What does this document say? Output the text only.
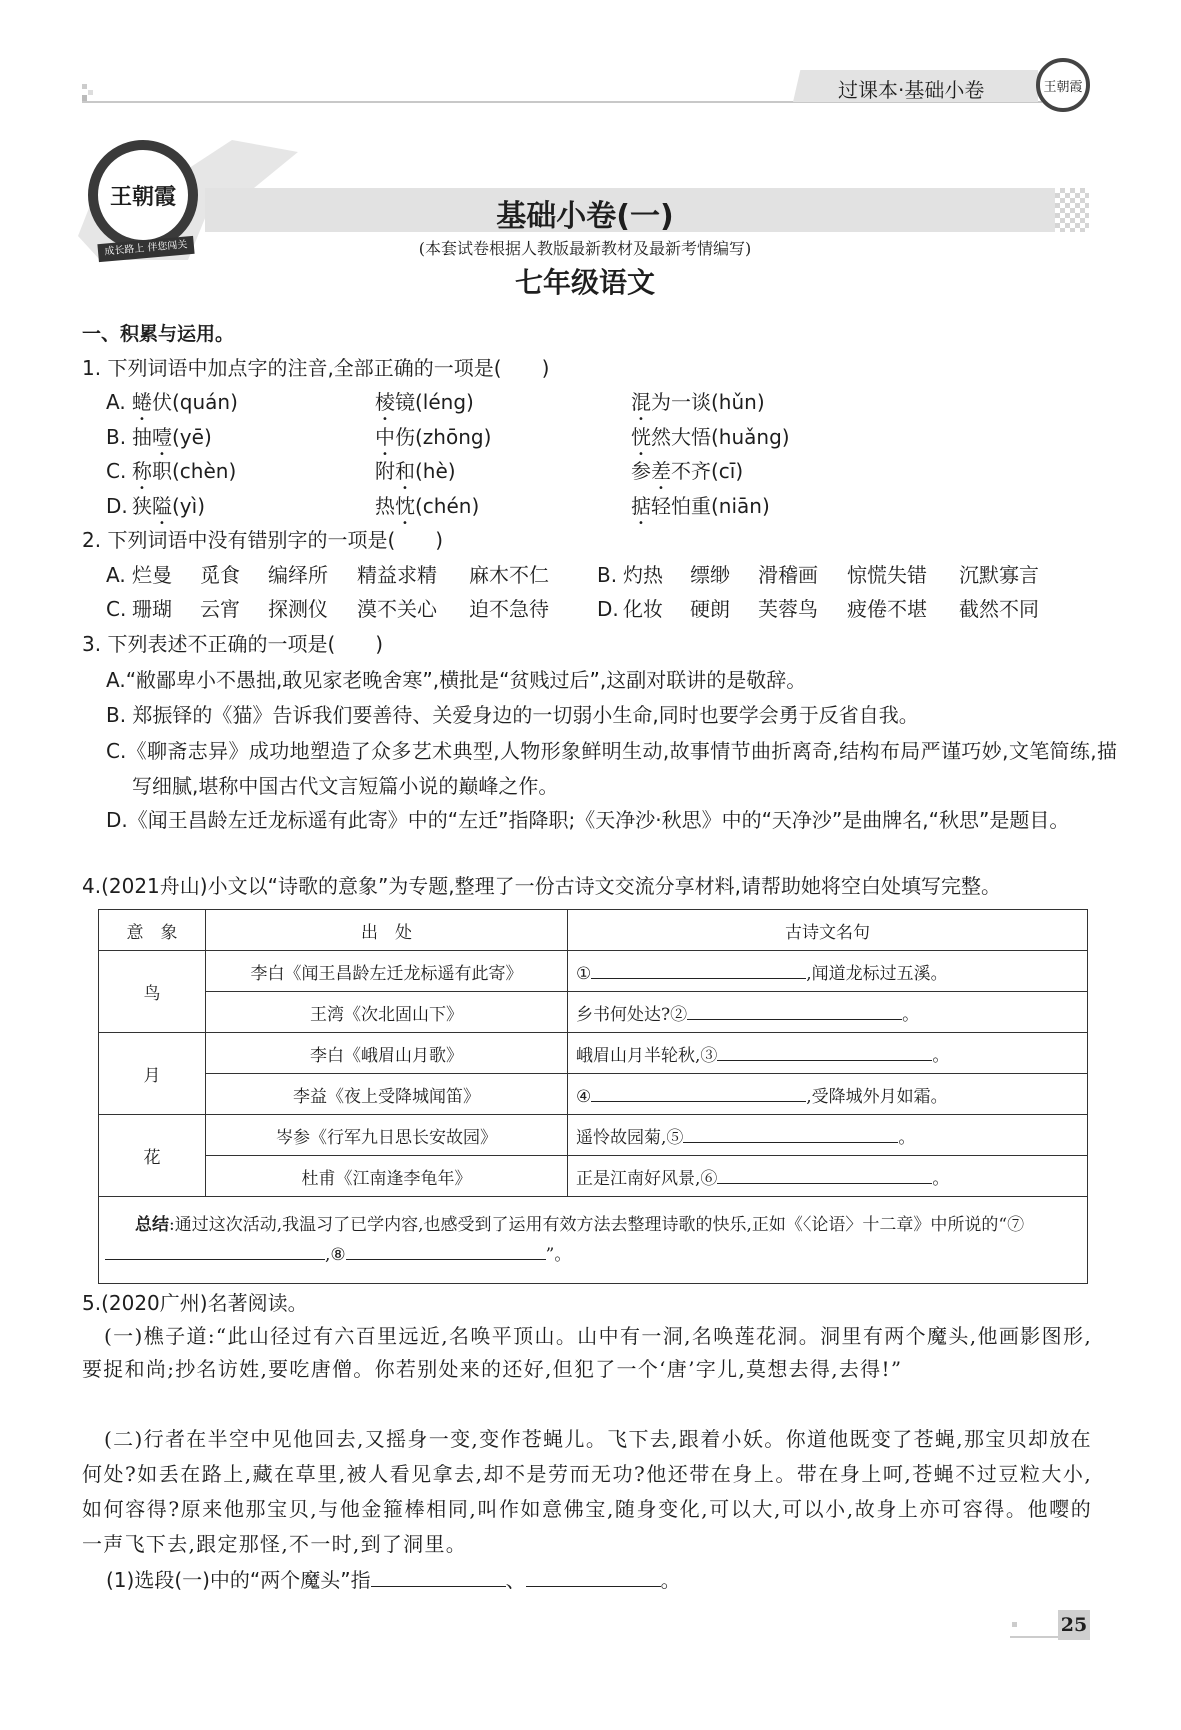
过课本·基础小卷	王朝霞
王朝霞
成长路上 伴您闯关
基础小卷(一)
(本套试卷根据人教版最新教材及最新考情编写)
七年级语文
一、积累与运用。
1. 下列词语中加点字的注音,全部正确的一项是(　　)
A. 蜷伏(quán)	棱镜(léng)	混为一谈(hǔn)
B. 抽噎(yē)	中伤(zhōng)	恍然大悟(huǎng)
C. 称职(chèn)	附和(hè)	参差不齐(cī)
D. 狭隘(yì)	热忱(chén)	掂轻怕重(niān)
2. 下列词语中没有错别字的一项是(　　)
A. 烂曼 觅食 编绎所 精益求精 麻木不仁 B. 灼热 缥缈 滑稽画 惊慌失错 沉默寡言
C. 珊瑚 云宵 探测仪 漠不关心 迫不急待 D. 化妆 硬朗 芙蓉鸟 疲倦不堪 截然不同
3. 下列表述不正确的一项是(　　)
A.“敝鄙卑小不愚拙,敢见家老晚舍寒”,横批是“贫贱过后”,这副对联讲的是敬辞。
B. 郑振铎的《猫》告诉我们要善待、关爱身边的一切弱小生命,同时也要学会勇于反省自我。
C.《聊斋志异》成功地塑造了众多艺术典型,人物形象鲜明生动,故事情节曲折离奇,结构布局严谨巧妙,文笔简练,描写细腻,堪称中国古代文言短篇小说的巅峰之作。
D.《闻王昌龄左迁龙标遥有此寄》中的“左迁”指降职;《天净沙·秋思》中的“天净沙”是曲牌名,“秋思”是题目。
4.(2021舟山)小文以“诗歌的意象”为专题,整理了一份古诗文交流分享材料,请帮助她将空白处填写完整。
意　象	出　处	古诗文名句
鸟	李白《闻王昌龄左迁龙标遥有此寄》	① ,闻道龙标过五溪。
	王湾《次北固山下》	乡书何处达?② 。
月	李白《峨眉山月歌》	峨眉山月半轮秋,③ 。
	李益《夜上受降城闻笛》	④ ,受降城外月如霜。
花	岑参《行军九日思长安故园》	遥怜故园菊,⑤ 。
	杜甫《江南逢李龟年》	正是江南好风景,⑥ 。
总结:通过这次活动,我温习了已学内容,也感受到了运用有效方法去整理诗歌的快乐,正如《〈论语〉十二章》中所说的“⑦,⑧ ”。		
5.(2020广州)名著阅读。
(一)樵子道:“此山径过有六百里远近,名唤平顶山。山中有一洞,名唤莲花洞。洞里有两个魔头,他画影图形,要捉和尚;抄名访姓,要吃唐僧。你若别处来的还好,但犯了一个‘唐’字儿,莫想去得,去得!”
(二)行者在半空中见他回去,又摇身一变,变作苍蝇儿。飞下去,跟着小妖。你道他既变了苍蝇,那宝贝却放在何处?如丢在路上,藏在草里,被人看见拿去,却不是劳而无功?他还带在身上。带在身上呵,苍蝇不过豆粒大小,如何容得?原来他那宝贝,与他金箍棒相同,叫作如意佛宝,随身变化,可以大,可以小,故身上亦可容得。他嘤的一声飞下去,跟定那怪,不一时,到了洞里。
(1)选段(一)中的“两个魔头”指	、	。
25
